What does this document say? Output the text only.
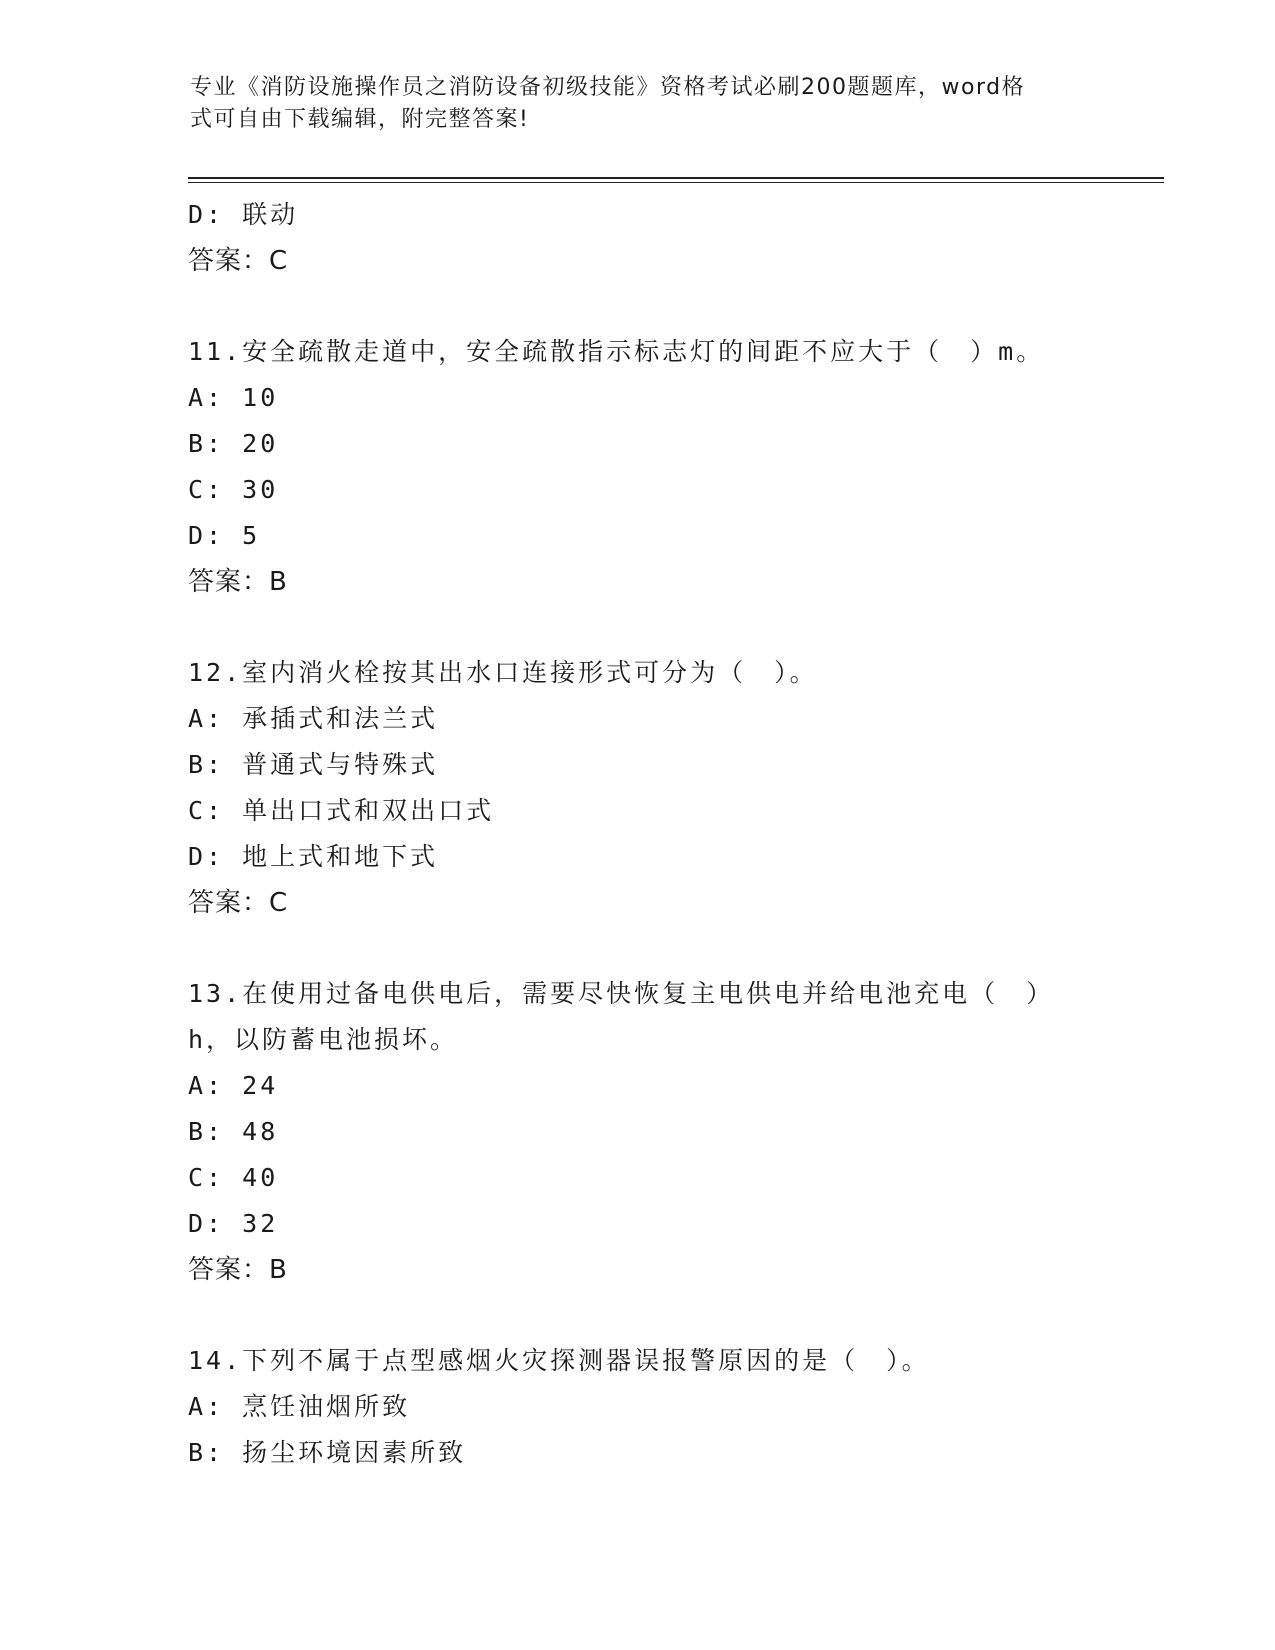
专业《消防设施操作员之消防设备初级技能》资格考试必刷200题题库，word格
式可自由下载编辑，附完整答案!
D: 联动
答案：C
11.安全疏散走道中，安全疏散指示标志灯的间距不应大于（　）m。
A: 10
B: 20
C: 30
D: 5
答案：B
12.室内消火栓按其出水口连接形式可分为（　）。
A: 承插式和法兰式
B: 普通式与特殊式
C: 单出口式和双出口式
D: 地上式和地下式
答案：C
13.在使用过备电供电后，需要尽快恢复主电供电并给电池充电（　）
h，以防蓄电池损坏。
A: 24
B: 48
C: 40
D: 32
答案：B
14.下列不属于点型感烟火灾探测器误报警原因的是（　）。
A: 烹饪油烟所致
B: 扬尘环境因素所致
